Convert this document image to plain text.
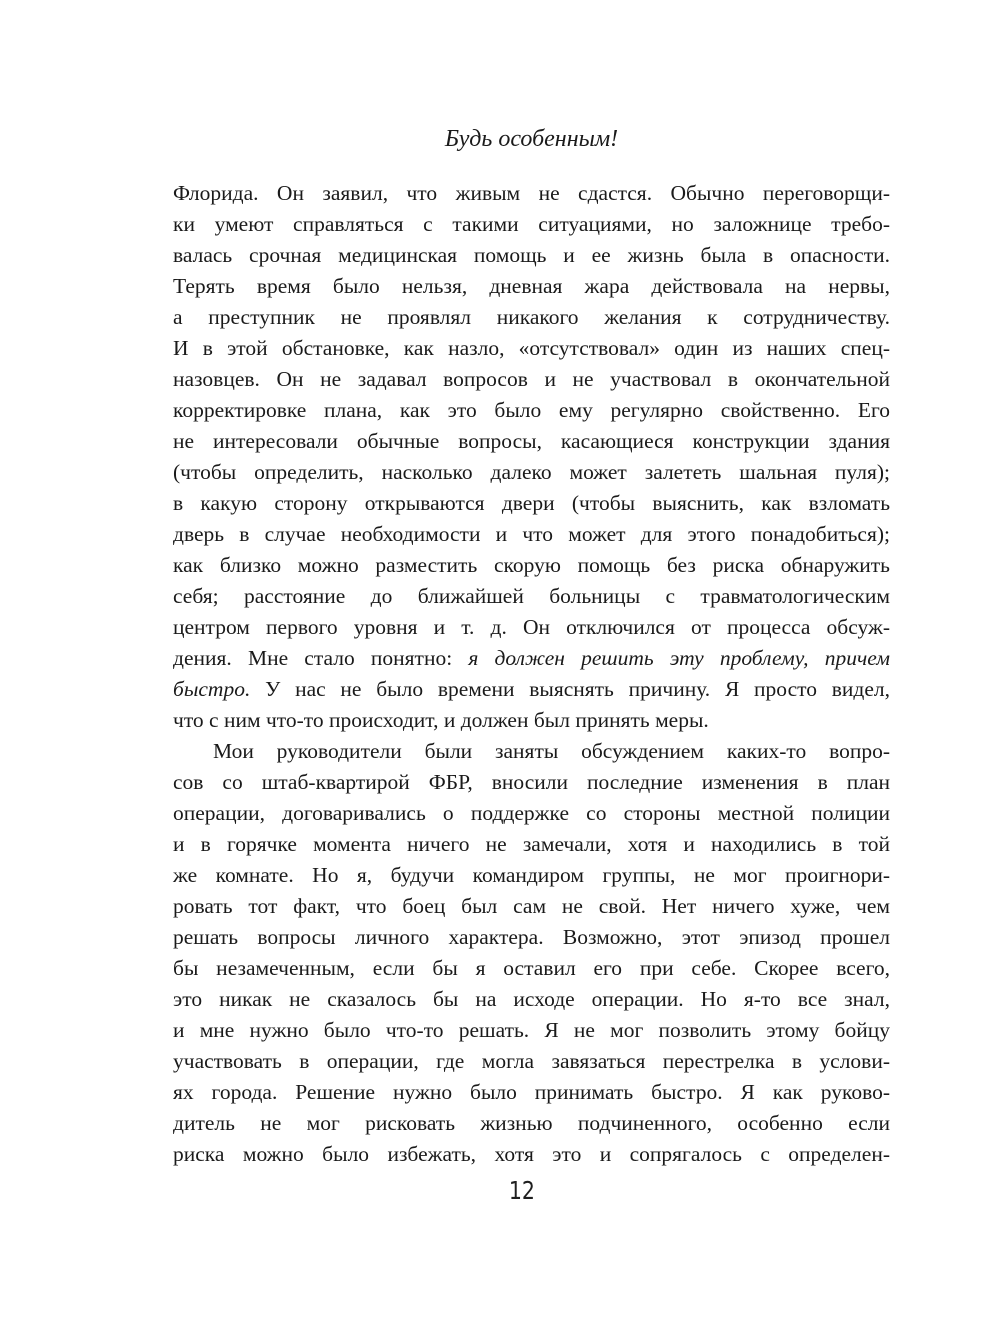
Будь особенным!
Флорида. Он заявил, что живым не сдастся. Обычно переговорщи-
ки умеют справляться с такими ситуациями, но заложнице требо-
валась срочная медицинская помощь и ее жизнь была в опасности.
Терять время было нельзя, дневная жара действовала на нервы,
а преступник не проявлял никакого желания к сотрудничеству.
И в этой обстановке, как назло, «отсутствовал» один из наших спец-
назовцев. Он не задавал вопросов и не участвовал в окончательной
корректировке плана, как это было ему регулярно свойственно. Его
не интересовали обычные вопросы, касающиеся конструкции здания
(чтобы определить, насколько далеко может залететь шальная пуля);
в какую сторону открываются двери (чтобы выяснить, как взломать
дверь в случае необходимости и что может для этого понадобиться);
как близко можно разместить скорую помощь без риска обнаружить
себя; расстояние до ближайшей больницы с травматологическим
центром первого уровня и т. д. Он отключился от процесса обсуж-
дения. Мне стало понятно: я должен решить эту проблему, причем
быстро. У нас не было времени выяснять причину. Я просто видел,
что с ним что-то происходит, и должен был принять меры.
Мои руководители были заняты обсуждением каких-то вопро-
сов со штаб-квартирой ФБР, вносили последние изменения в план
операции, договаривались о поддержке со стороны местной полиции
и в горячке момента ничего не замечали, хотя и находились в той
же комнате. Но я, будучи командиром группы, не мог проигнори-
ровать тот факт, что боец был сам не свой. Нет ничего хуже, чем
решать вопросы личного характера. Возможно, этот эпизод прошел
бы незамеченным, если бы я оставил его при себе. Скорее всего,
это никак не сказалось бы на исходе операции. Но я-то все знал,
и мне нужно было что-то решать. Я не мог позволить этому бойцу
участвовать в операции, где могла завязаться перестрелка в услови-
ях города. Решение нужно было принимать быстро. Я как руково-
дитель не мог рисковать жизнью подчиненного, особенно если
риска можно было избежать, хотя это и сопрягалось с определен-
12
